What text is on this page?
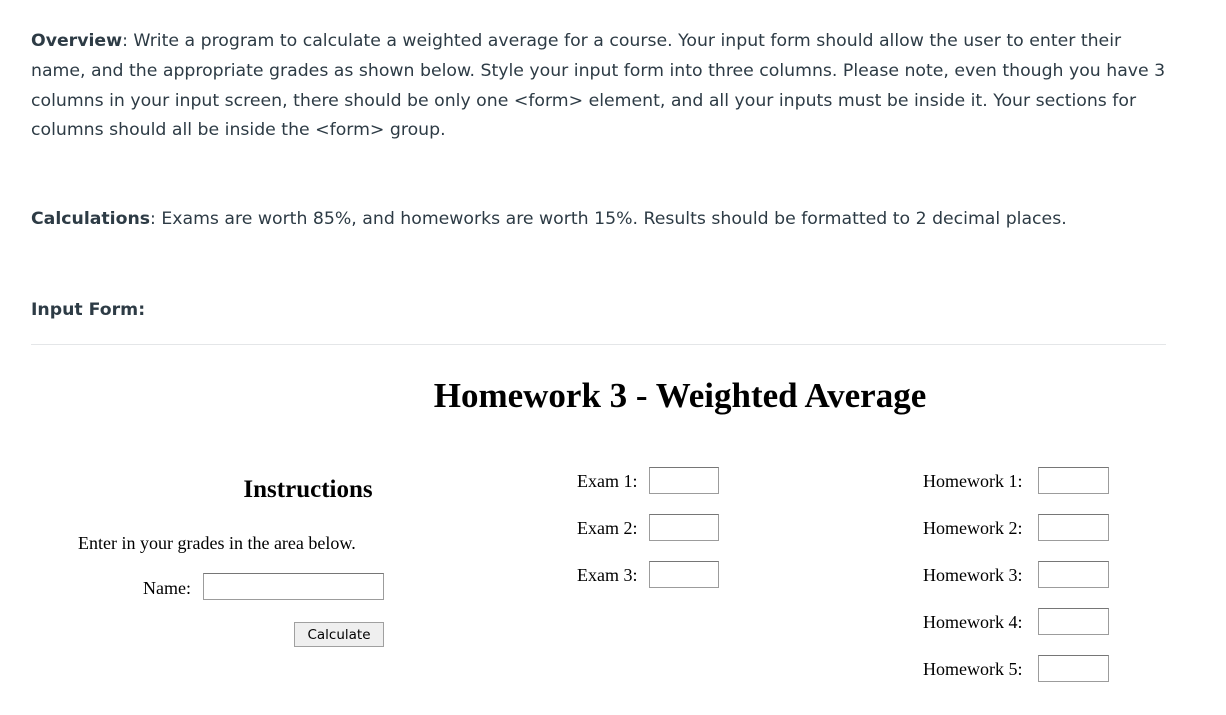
Overview: Write a program to calculate a weighted average for a course. Your input form should allow the user to enter their name, and the appropriate grades as shown below. Style your input form into three columns. Please note, even though you have 3 columns in your input screen, there should be only one <form> element, and all your inputs must be inside it. Your sections for columns should all be inside the <form> group.
Calculations: Exams are worth 85%, and homeworks are worth 15%. Results should be formatted to 2 decimal places.
Input Form:
Homework 3 - Weighted Average
Instructions
Enter in your grades in the area below.
Name:
Calculate
Exam 1:
Exam 2:
Exam 3:
Homework 1:
Homework 2:
Homework 3:
Homework 4:
Homework 5:
